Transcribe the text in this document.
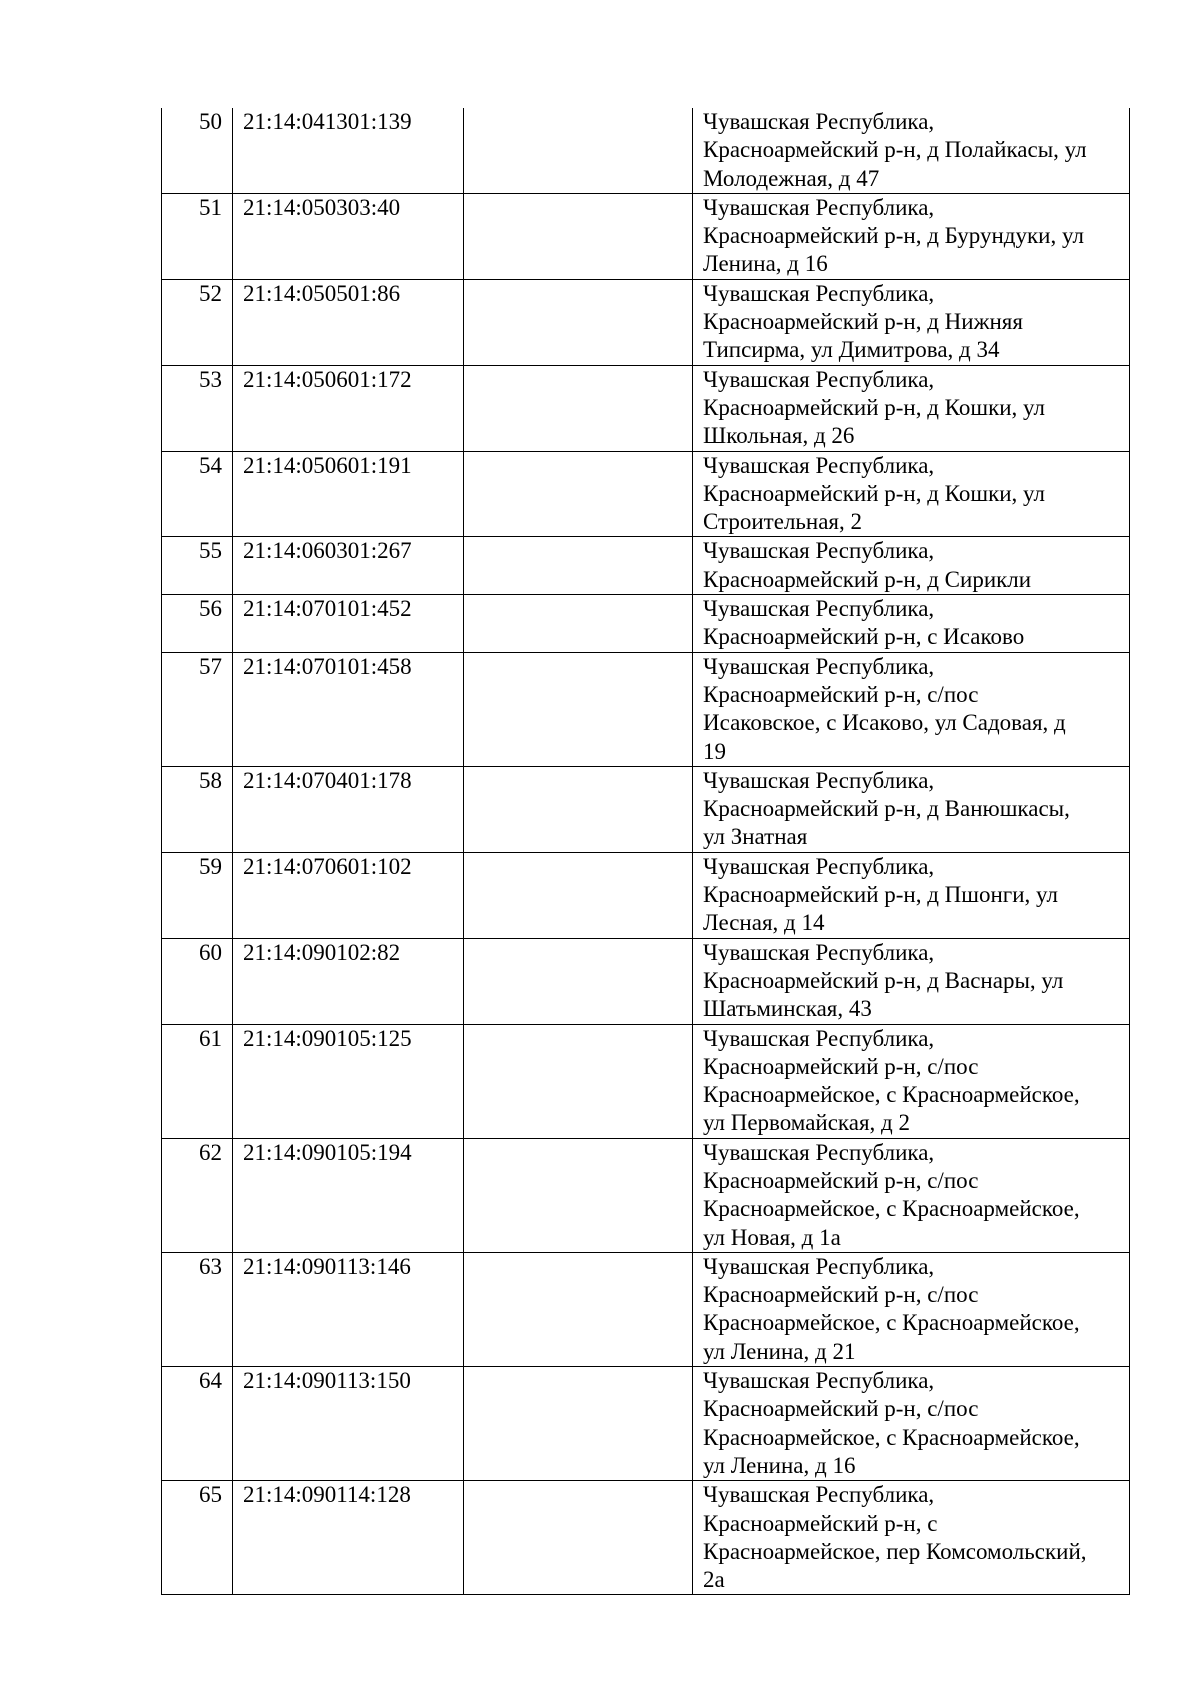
50	21:14:041301:139		Чувашская Республика,
Красноармейский р-н, д Полайкасы, ул
Молодежная, д 47

51	21:14:050303:40		Чувашская Республика,
Красноармейский р-н, д Бурундуки, ул
Ленина, д 16

52	21:14:050501:86		Чувашская Республика,
Красноармейский р-н, д Нижняя
Типсирма, ул Димитрова, д 34

53	21:14:050601:172		Чувашская Республика,
Красноармейский р-н, д Кошки, ул
Школьная, д 26

54	21:14:050601:191		Чувашская Республика,
Красноармейский р-н, д Кошки, ул
Строительная, 2

55	21:14:060301:267		Чувашская Республика,
Красноармейский р-н, д Сирикли

56	21:14:070101:452		Чувашская Республика,
Красноармейский р-н, с Исаково

57	21:14:070101:458		Чувашская Республика,
Красноармейский р-н, с/пос
Исаковское, с Исаково, ул Садовая, д
19

58	21:14:070401:178		Чувашская Республика,
Красноармейский р-н, д Ванюшкасы,
ул Знатная

59	21:14:070601:102		Чувашская Республика,
Красноармейский р-н, д Пшонги, ул
Лесная, д 14

60	21:14:090102:82		Чувашская Республика,
Красноармейский р-н, д Васнары, ул
Шатьминская, 43

61	21:14:090105:125		Чувашская Республика,
Красноармейский р-н, с/пос
Красноармейское, с Красноармейское,
ул Первомайская, д 2

62	21:14:090105:194		Чувашская Республика,
Красноармейский р-н, с/пос
Красноармейское, с Красноармейское,
ул Новая, д 1а

63	21:14:090113:146		Чувашская Республика,
Красноармейский р-н, с/пос
Красноармейское, с Красноармейское,
ул Ленина, д 21

64	21:14:090113:150		Чувашская Республика,
Красноармейский р-н, с/пос
Красноармейское, с Красноармейское,
ул Ленина, д 16

65	21:14:090114:128		Чувашская Республика,
Красноармейский р-н, с
Красноармейское, пер Комсомольский,
2а
